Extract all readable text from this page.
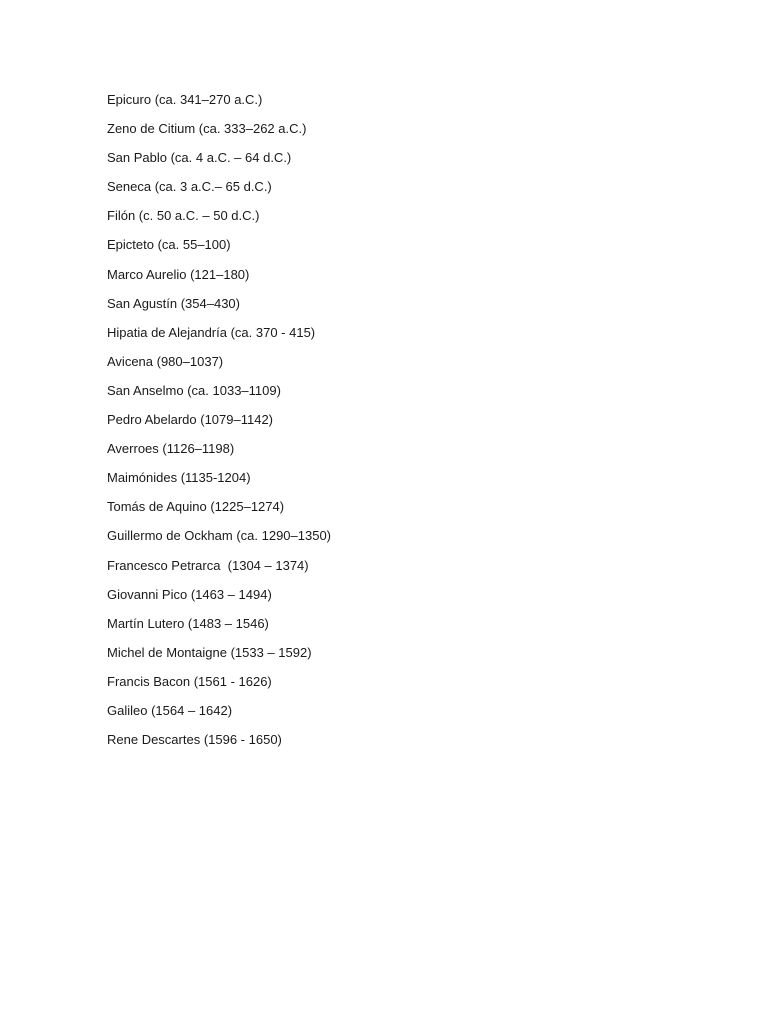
Epicuro (ca. 341–270 a.C.)
Zeno de Citium (ca. 333–262 a.C.)
San Pablo (ca. 4 a.C. – 64 d.C.)
Seneca (ca. 3 a.C.– 65 d.C.)
Filón (c. 50 a.C. – 50 d.C.)
Epicteto (ca. 55–100)
Marco Aurelio (121–180)
San Agustín (354–430)
Hipatia de Alejandría (ca. 370 - 415)
Avicena (980–1037)
San Anselmo (ca. 1033–1109)
Pedro Abelardo (1079–1142)
Averroes (1126–1198)
Maimónides (1135-1204)
Tomás de Aquino (1225–1274)
Guillermo de Ockham (ca. 1290–1350)
Francesco Petrarca  (1304 – 1374)
Giovanni Pico (1463 – 1494)
Martín Lutero (1483 – 1546)
Michel de Montaigne (1533 – 1592)
Francis Bacon (1561 - 1626)
Galileo (1564 – 1642)
Rene Descartes (1596 - 1650)
